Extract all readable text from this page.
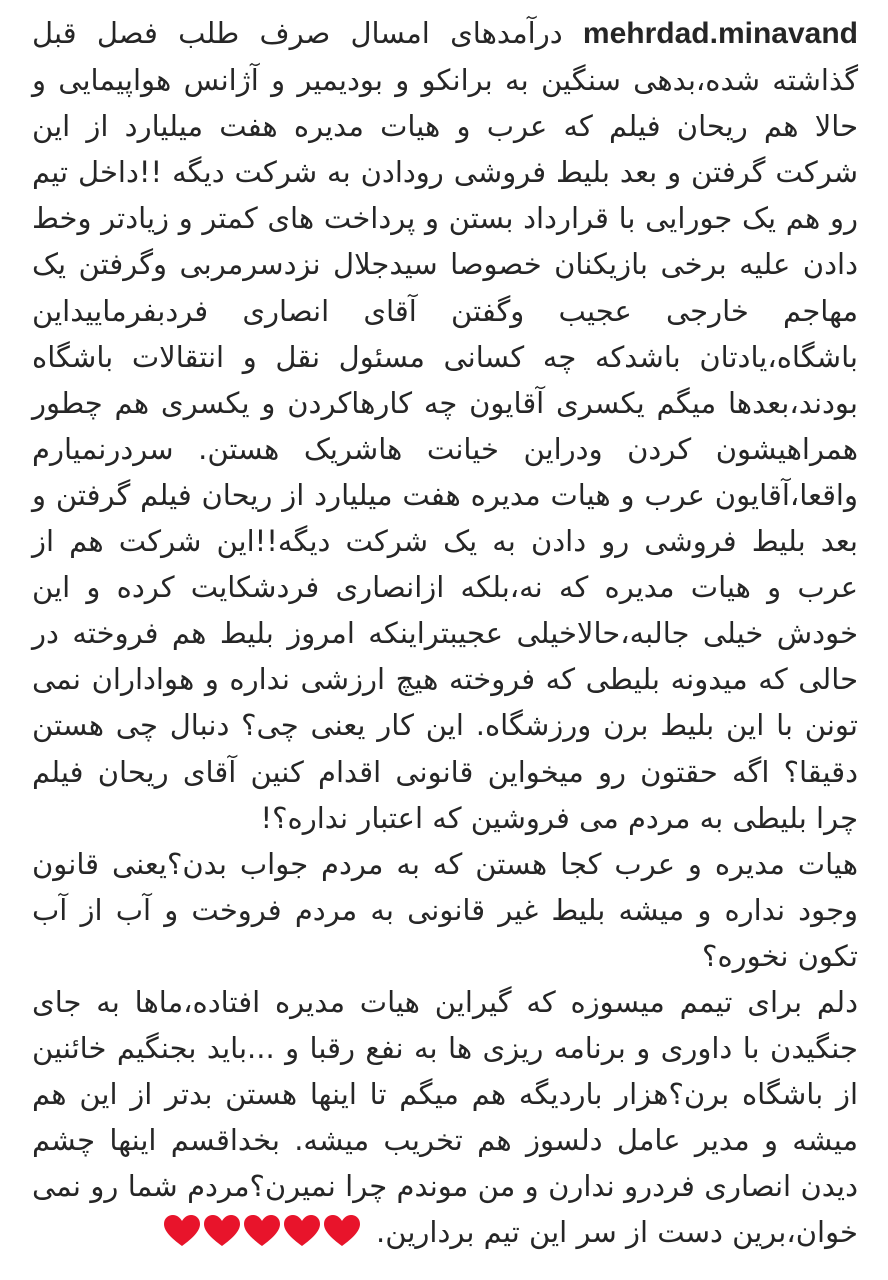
mehrdad.minavand درآمدهای امسال صرف طلب فصل قبل گذاشته شده،بدهی سنگین به برانکو و بودیمیر و آژانس هواپیمایی و حالا هم ریحان فیلم که عرب و هیات مدیره هفت میلیارد از این شرکت گرفتن و بعد بلیط فروشی رودادن به شرکت دیگه !!داخل تیم رو هم یک جورایی با قرارداد بستن و پرداخت های کمتر و زیادتر وخط دادن علیه برخی بازیکنان خصوصا سیدجلال نزدسرمربی وگرفتن یک مهاجم خارجی عجیب وگفتن آقای انصاری فردبفرماییداین باشگاه،یادتان باشدکه چه کسانی مسئول نقل و انتقالات باشگاه بودند،بعدها میگم یکسری آقایون چه کارهاکردن و یکسری هم چطور همراهیشون کردن ودراین خیانت هاشریک هستن. سردرنمیارم واقعا،آقایون عرب و هیات مدیره هفت میلیارد از ریحان فیلم گرفتن و بعد بلیط فروشی رو دادن به یک شرکت دیگه!!این شرکت هم از عرب و هیات مدیره که نه،بلکه ازانصاری فردشکایت کرده و این خودش خیلی جالبه،حالاخیلی عجیبتراینکه امروز بلیط هم فروخته در حالی که میدونه بلیطی که فروخته هیچ ارزشی نداره و هواداران نمی تونن با این بلیط برن ورزشگاه. این کار یعنی چی؟ دنبال چی هستن دقیقا؟ اگه حقتون رو میخواین قانونی اقدام کنین آقای ریحان فیلم چرا بلیطی به مردم می فروشین که اعتبار نداره؟!

هیات مدیره و عرب کجا هستن که به مردم جواب بدن؟یعنی قانون وجود نداره و میشه بلیط غیر قانونی به مردم فروخت و آب از آب تکون نخوره؟

دلم برای تیمم میسوزه که گیراین هیات مدیره افتاده،ماها به جای جنگیدن با داوری و برنامه ریزی ها به نفع رقبا و ...باید بجنگیم خائنین از باشگاه برن؟هزار باردیگه هم میگم تا اینها هستن بدتر از این هم میشه و مدیر عامل دلسوز هم تخریب میشه. بخداقسم اینها چشم دیدن انصاری فردرو ندارن و من موندم چرا نمیرن؟مردم شما رو نمی خوان،برین دست از سر این تیم بردارین.
